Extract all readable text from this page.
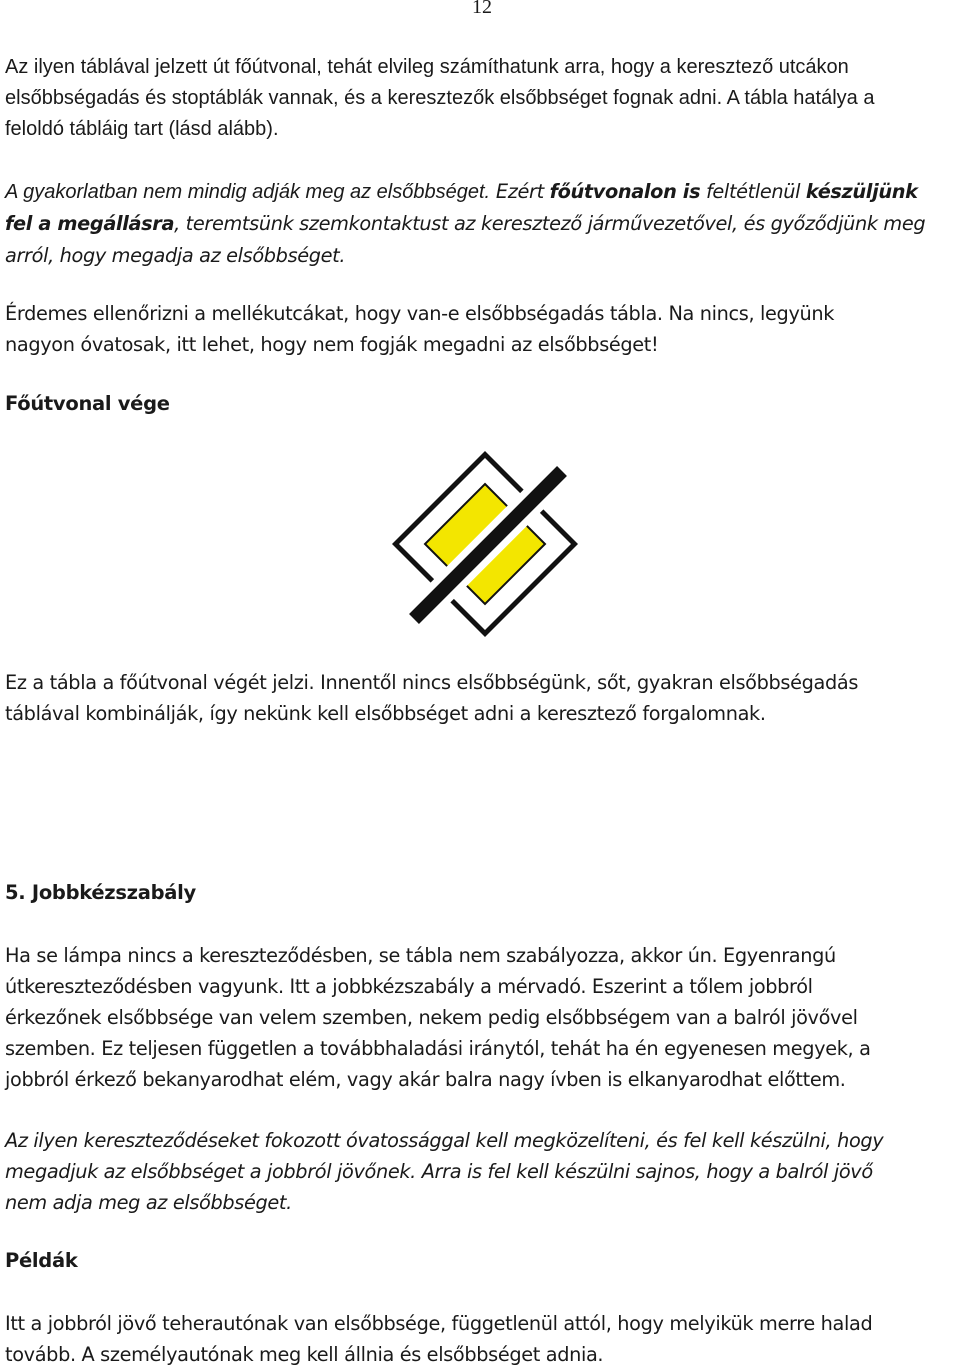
12

Az ilyen táblával jelzett út főútvonal, tehát elvileg számíthatunk arra, hogy a keresztező utcákon elsőbbségadás és stoptáblák vannak, és a keresztezők elsőbbséget fognak adni. A tábla hatálya a feloldó tábláig tart (lásd alább).

A gyakorlatban nem mindig adják meg az elsőbbséget. Ezért főútvonalon is feltétlenül készüljünk fel a megállásra, teremtsünk szemkontaktust az keresztező járművezetővel, és győződjünk meg arról, hogy megadja az elsőbbséget.

Érdemes ellenőrizni a mellékutcákat, hogy van-e elsőbbségadás tábla. Na nincs, legyünk
nagyon óvatosak, itt lehet, hogy nem fogják megadni az elsőbbséget!
Főútvonal vége
Ez a tábla a főútvonal végét jelzi. Innentől nincs elsőbbségünk, sőt, gyakran elsőbbségadás
táblával kombinálják, így nekünk kell elsőbbséget adni a keresztező forgalomnak.
5. Jobbkézszabály
Ha se lámpa nincs a kereszteződésben, se tábla nem szabályozza, akkor ún. Egyenrangú
útkereszteződésben vagyunk. Itt a jobbkézszabály a mérvadó. Eszerint a tőlem jobbról
érkezőnek elsőbbsége van velem szemben, nekem pedig elsőbbségem van a balról jövővel
szemben. Ez teljesen független a továbbhaladási iránytól, tehát ha én egyenesen megyek, a
jobbról érkező bekanyarodhat elém, vagy akár balra nagy ívben is elkanyarodhat előttem.
Az ilyen kereszteződéseket fokozott óvatossággal kell megközelíteni, és fel kell készülni, hogy
megadjuk az elsőbbséget a jobbról jövőnek. Arra is fel kell készülni sajnos, hogy a balról jövő
nem adja meg az elsőbbséget.
Példák
Itt a jobbról jövő teherautónak van elsőbbsége, függetlenül attól, hogy melyikük merre halad
tovább. A személyautónak meg kell állnia és elsőbbséget adnia.
